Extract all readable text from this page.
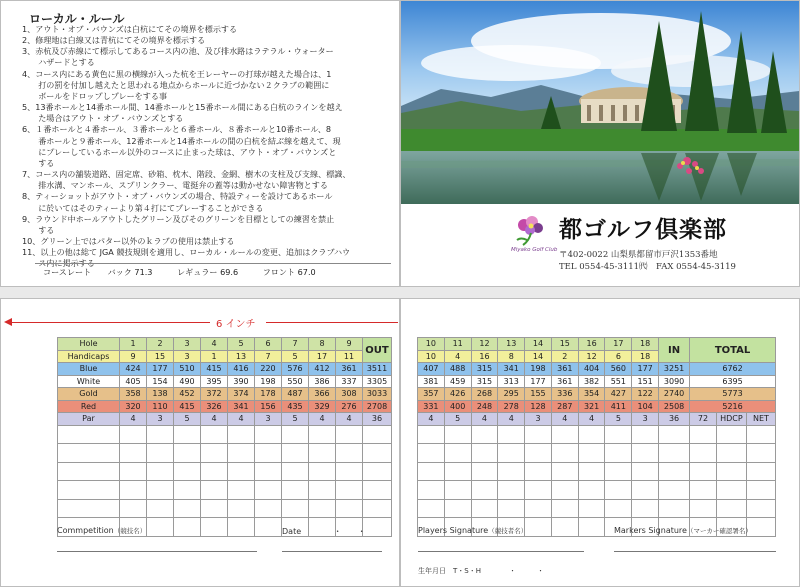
ローカル・ルール
1、アウト・オブ・バウンズは白杭にてその境界を標示する
2、修理地は白線又は青杭にてその境界を標示する
3、赤杭及び赤線にて標示してあるコース内の池、及び排水路はラテラル・ウォーター
　　ハザードとする
4、コース内にある黄色に黒の横線が入った杭を王レーヤーの打球が越えた場合は、1
　　打の罰を付加し越えたと思われる地点からホールに近づかない２クラブの範囲に
　　ボールをドロップしプレーをする事
5、13番ホールと14番ホール間、14番ホールと15番ホール間にある白杭のラインを越え
　　た場合はアウト・オブ・バウンズとする
6、１番ホールと４番ホール、３番ホールと６番ホール、８番ホールと10番ホール、8
　　番ホールと９番ホール、12番ホールと14番ホールの間の白杭を結ぶ線を越えて、現
　　にプレーしているホール以外のコースに止まった球は、アウト・オブ・バウンズと
　　する
7、コース内の舗装道路、固定席、砂箱、枕木、階段、金網、樹木の支柱及び支線、標識、
　　排水溝、マンホール、スプリンクラー、電挺弁の蓋等は動かせない障害物とする
8、ティーショットがアウト・オブ・バウンズの場合、特設ティーを設けてあるホール
　　に於いてはそのティーより第４打にてプレーすることができる
9、ラウンド中ホールアウトしたグリーン及びそのグリーンを目標としての練習を禁止
　　する
10、グリーン上ではパター以外のｋラブの使用は禁止する
11、以上の他は総て JGA 競技規則を適用し、ローカル・ルールの変更、追加はクラブハウ
　　ス内に掲示する
コースレート バック 71.3	レギュラー 69.6	フロント 67.0
Miyako Golf Club
都ゴルフ倶楽部
〒402-0022 山梨県都留市戸沢1353番地
TEL 0554-45-3111㈹　FAX 0554-45-3119
6 インチ
Hole	1	2	3	4	5	6	7	8	9	OUT
Handicaps	9	15	3	1	13	7	5	17	11	
Blue	424	177	510	415	416	220	576	412	361	3511
White	405	154	490	395	390	198	550	386	337	3305
Gold	358	138	452	372	374	178	487	366	308	3033
Red	320	110	415	326	341	156	435	329	276	2708
Par	4	3	5	4	4	3	5	4	4	36

10	11	12	13	14	15	16	17	18	IN	TOTAL		
10	4	16	8	14	2	12	6	18				
407	488	315	341	198	361	404	560	177	3251	6762		
381	459	315	313	177	361	382	551	151	3090	6395		
357	426	268	295	155	336	354	427	122	2740	5773		
331	400	248	278	128	287	321	411	104	2508	5216		
4	5	4	4	3	4	4	5	3	36	72	HDCP	NET

Commpetition（競技名）	Date	・　　・	Players Signature（競技者名）	Markers Signature（マーカー確認署名）
生年月日　T・S・H　　　　・　　　・
